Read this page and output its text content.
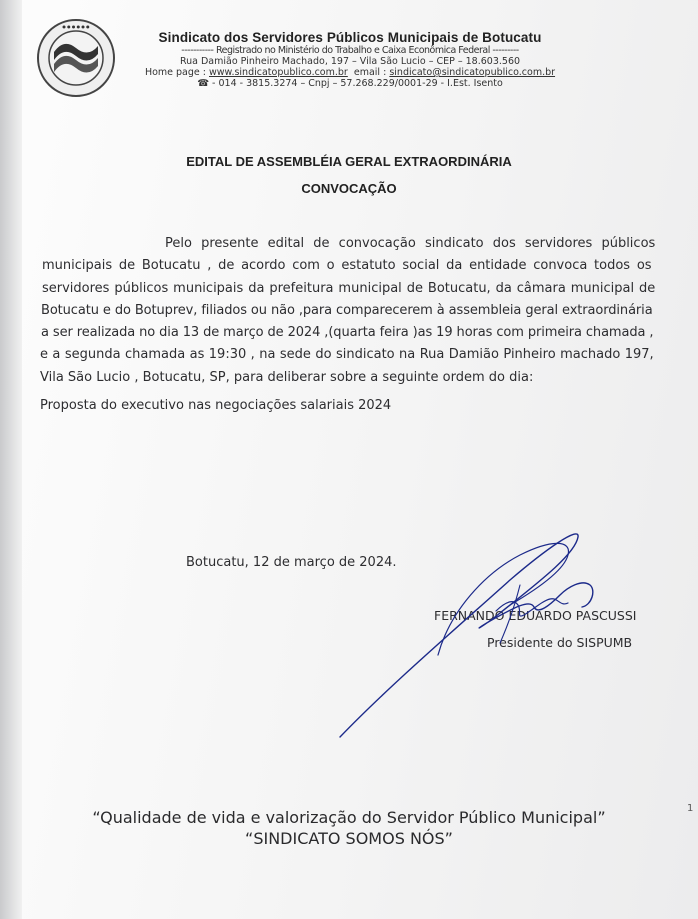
● ● ● ● ● ●
Sindicato dos Servidores Públicos Municipais de Botucatu
----------- Registrado no Ministério do Trabalho e Caixa Econômica Federal ---------
Rua Damião Pinheiro Machado, 197 – Vila São Lucio – CEP – 18.603.560
Home page : www.sindicatopublico.com.br email : sindicato@sindicatopublico.com.br
☎ - 014 - 3815.3274 – Cnpj – 57.268.229/0001-29 - I.Est. Isento
EDITAL DE ASSEMBLÉIA GERAL EXTRAORDINÁRIA
CONVOCAÇÃO
Pelo presente edital de convocação sindicato dos servidores públicos
municipais de Botucatu , de acordo com o estatuto social da entidade convoca todos os
servidores públicos municipais da prefeitura municipal de Botucatu, da câmara municipal de
Botucatu e do Botuprev, filiados ou não ,para comparecerem à assembleia geral extraordinária
a ser realizada no dia 13 de março de 2024 ,(quarta feira )as 19 horas com primeira chamada ,
e a segunda chamada as 19:30 , na sede do sindicato na Rua Damião Pinheiro machado 197,
Vila São Lucio , Botucatu, SP, para deliberar sobre a seguinte ordem do dia:
Proposta do executivo nas negociações salariais 2024
Botucatu, 12 de março de 2024.
FERNANDO EDUARDO PASCUSSI
Presidente do SISPUMB
“Qualidade de vida e valorização do Servidor Público Municipal”
“SINDICATO SOMOS NÓS”
1
